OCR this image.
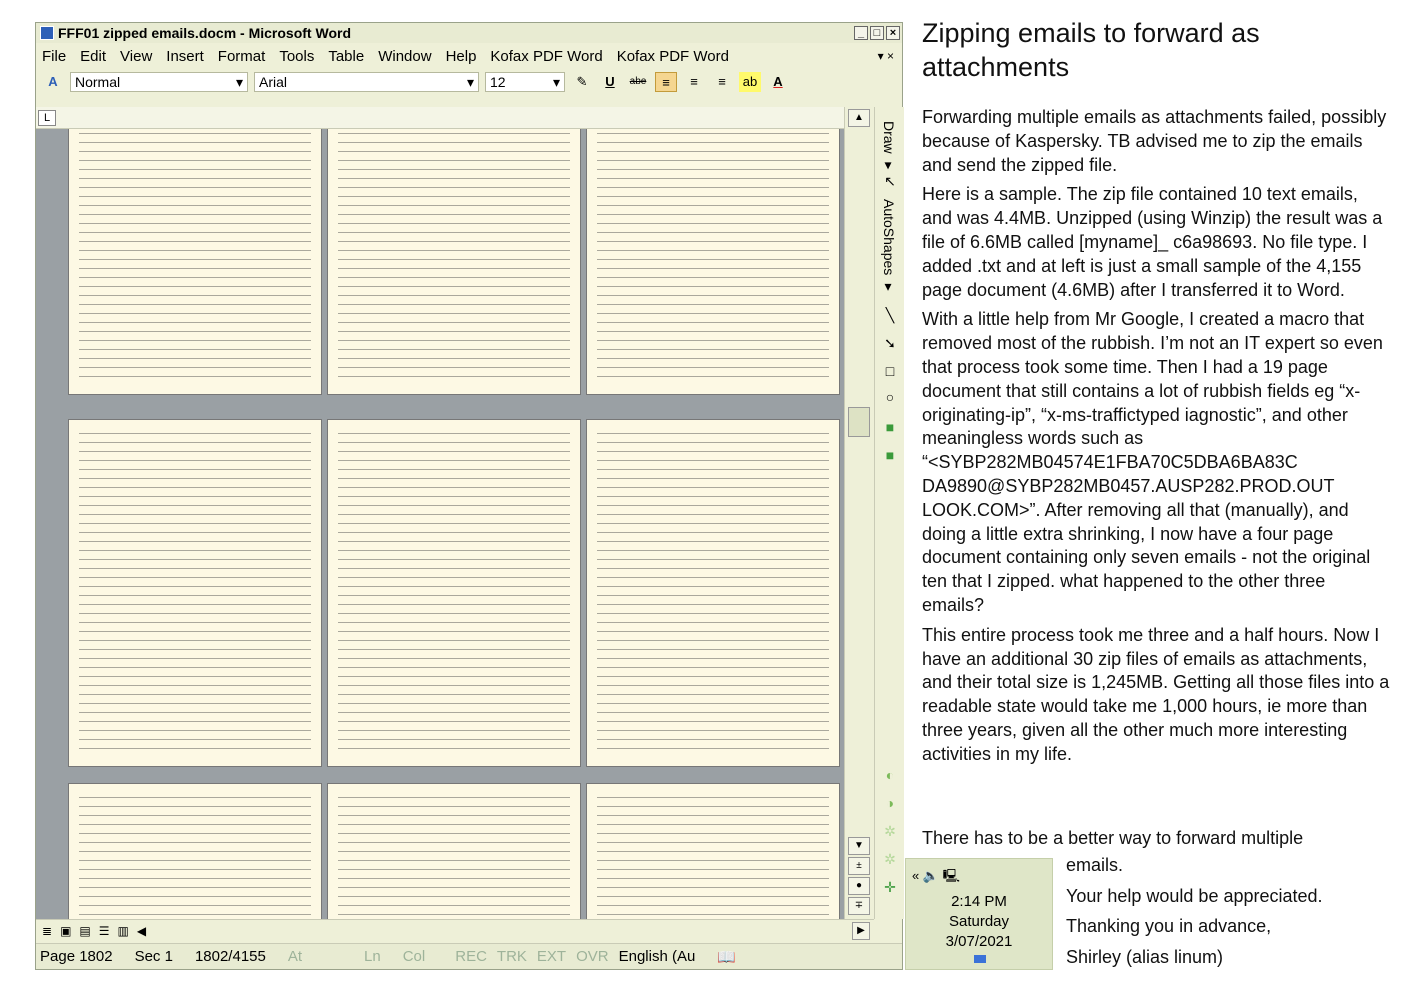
FFF01 zipped emails.docm - Microsoft Word	_ □ ×
File Edit View Insert Format Tools Table Window Help Kofax PDF Word Kofax PDF Word	▾ ×
A	Normal	▾ Arial	▾ 12	▾	✎	U	abe	≡	≡	≡	ab	A
L	▲
▼
±
●
∓
Draw ▾
↖
AutoShapes ▾
╲
➘
□
○
■
■
◐
◑
✲
✲
✛
≣ ▣ ▤ ☰ ▥ ◀	▶
Page 1802 Sec 1 1802/4155 At	Ln Col REC TRK EXT OVR English (Au 📖
« 🔈 🖳
2:14 PM
Saturday
3/07/2021
Zipping emails to forward as attachments

Forwarding multiple emails as attachments failed, possibly because of Kaspersky. TB advised me to zip the emails and send the zipped file.

Here is a sample. The zip file contained 10 text emails, and was 4.4MB. Unzipped (using Winzip) the result was a file of 6.6MB called [myname]_ c6a98693. No file type. I added .txt and at left is just a small sample of the 4,155 page document (4.6MB) after I transferred it to Word.

With a little help from Mr Google, I created a macro that removed most of the rubbish. I’m not an IT expert so even that process took some time. Then I had a 19 page document that still contains a lot of rubbish fields eg “x-originating-ip”, “x-ms-traffictyped iagnostic”, and other meaningless words such as “<SYBP282MB04574E1FBA70C5DBA6BA83C DA9890@SYBP282MB0457.AUSP282.PROD.OUT LOOK.COM>”. After removing all that (manually), and doing a little extra shrinking, I now have a four page document containing only seven emails - not the original ten that I zipped. what happened to the other three emails?

This entire process took me three and a half hours. Now I have an additional 30 zip files of emails as attachments, and their total size is 1,245MB. Getting all those files into a readable state would take me 1,000 hours, ie more than three years, given all the other much more interesting activities in my life.

There has to be a better way to forward multiple
emails.
Your help would be appreciated.
Thanking you in advance,
Shirley (alias linum)
